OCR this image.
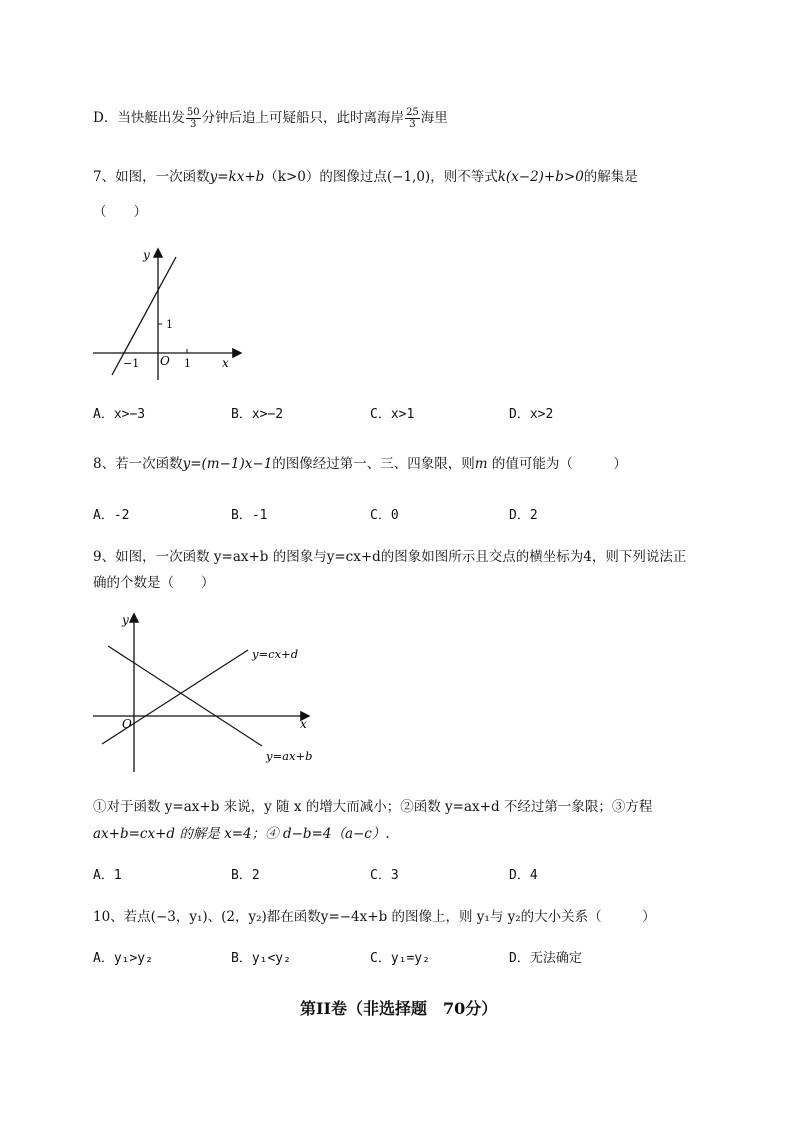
D．当快艇出发 $\frac{50}{3}$ 分钟后追上可疑船只，此时离海岸 $\frac{25}{3}$ 海里
7、如图，一次函数y=kx+b（k>0）的图像过点(−1,0)，则不等式k(x−2)+b>0的解集是
（　　）
y
x
O
1
1
−1
A．x>−3	B．x>−2	C．x>1	D．x>2
8、若一次函数y=(m−1)x−1的图像经过第一、三、四象限，则m 的值可能为（　　　）
A．-2	B．-1	C．0	D．2
9、如图，一次函数 y=ax+b 的图象与y=cx+d的图象如图所示且交点的横坐标为4，则下列说法正
确的个数是（　　）
y
x
O
y=cx+d
y=ax+b
①对于函数 y=ax+b 来说，y 随 x 的增大而减小；②函数 y=ax+d 不经过第一象限；③方程
ax+b=cx+d 的解是 x=4；④ d−b=4（a−c）.
A．1	B．2	C．3	D．4
10、若点(−3，y₁)、(2，y₂)都在函数y=−4x+b 的图像上，则 y₁与 y₂的大小关系（　　　）
A．y₁>y₂	B．y₁<y₂	C．y₁=y₂	D．无法确定
第II卷（非选择题　70分）
